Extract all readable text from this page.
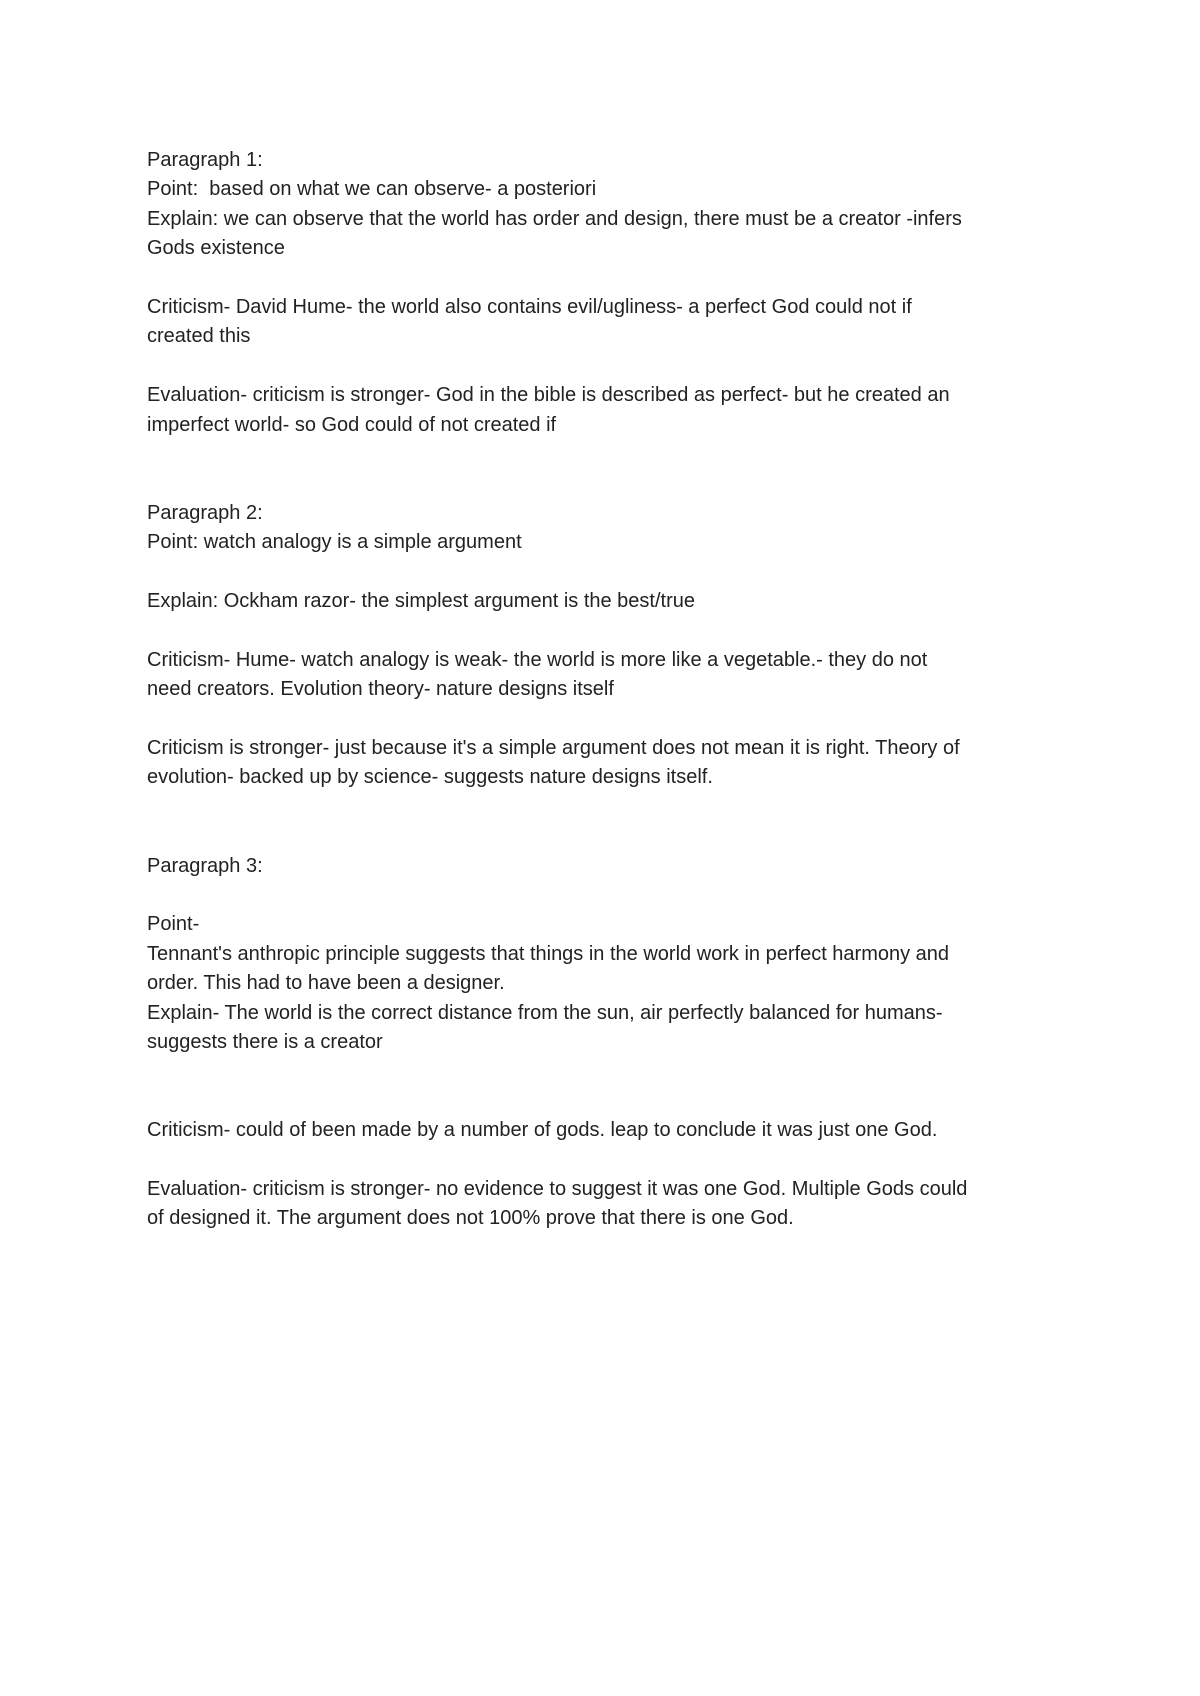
Paragraph 1:
Point:  based on what we can observe- a posteriori
Explain: we can observe that the world has order and design, there must be a creator -infers
Gods existence
Criticism- David Hume- the world also contains evil/ugliness- a perfect God could not if
created this
Evaluation- criticism is stronger- God in the bible is described as perfect- but he created an
imperfect world- so God could of not created if
Paragraph 2:
Point: watch analogy is a simple argument
Explain: Ockham razor- the simplest argument is the best/true
Criticism- Hume- watch analogy is weak- the world is more like a vegetable.- they do not
need creators. Evolution theory- nature designs itself
Criticism is stronger- just because it's a simple argument does not mean it is right. Theory of
evolution- backed up by science- suggests nature designs itself.
Paragraph 3:
Point-
Tennant's anthropic principle suggests that things in the world work in perfect harmony and
order. This had to have been a designer.
Explain- The world is the correct distance from the sun, air perfectly balanced for humans-
suggests there is a creator
Criticism- could of been made by a number of gods. leap to conclude it was just one God.
Evaluation- criticism is stronger- no evidence to suggest it was one God. Multiple Gods could
of designed it. The argument does not 100% prove that there is one God.
